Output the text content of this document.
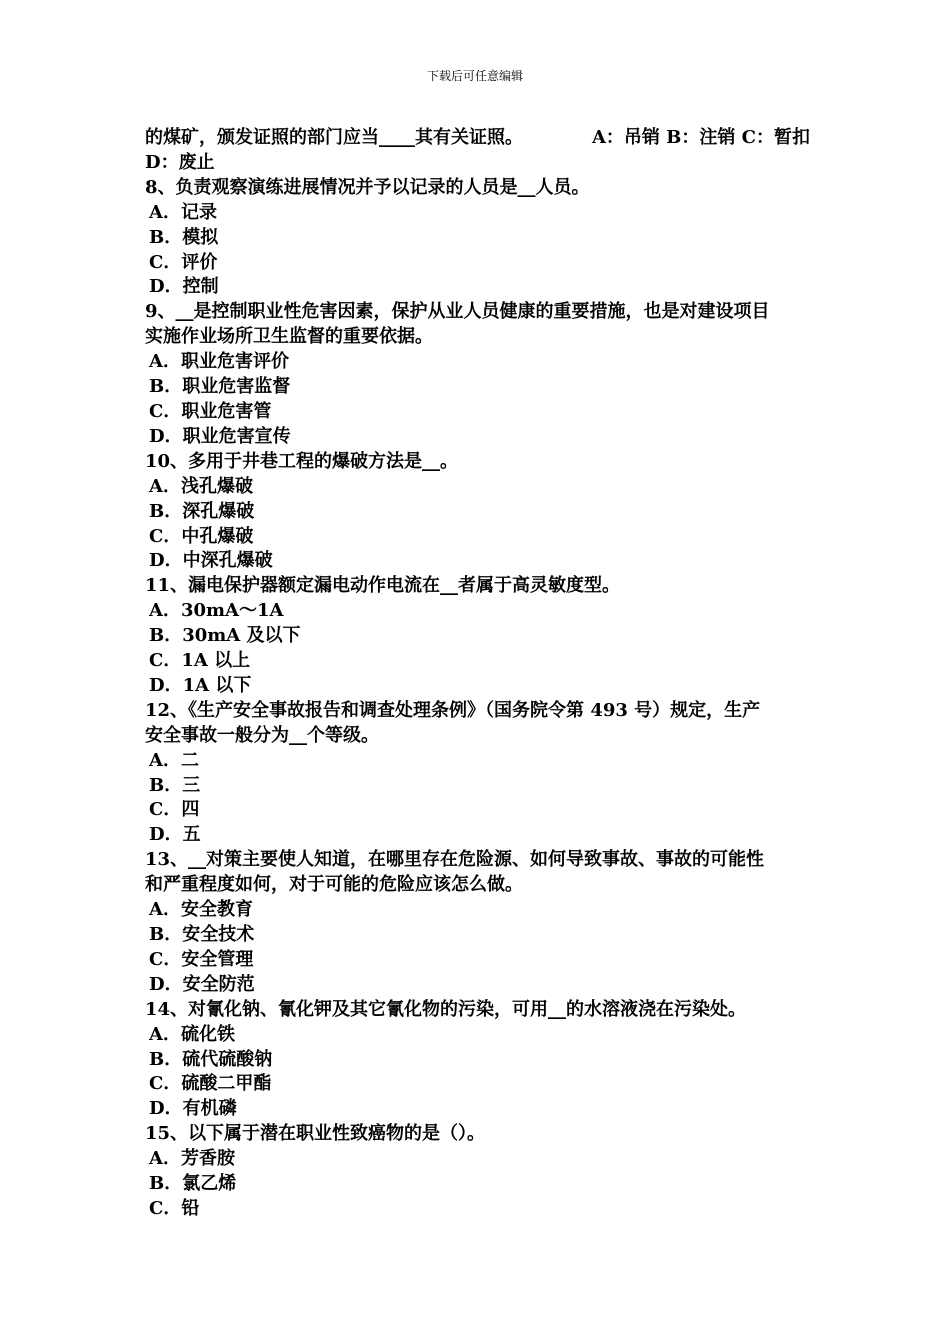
下载后可任意编辑
的煤矿，颁发证照的部门应当____其有关证照。	A：吊销 B：注销 C：暂扣
D：废止
8、负责观察演练进展情况并予以记录的人员是__人员。
A．记录
B．模拟
C．评价
D．控制
9、__是控制职业性危害因素，保护从业人员健康的重要措施，也是对建设项目
实施作业场所卫生监督的重要依据。
A．职业危害评价
B．职业危害监督
C．职业危害管
D．职业危害宣传
10、多用于井巷工程的爆破方法是__。
A．浅孔爆破
B．深孔爆破
C．中孔爆破
D．中深孔爆破
11、漏电保护器额定漏电动作电流在__者属于高灵敏度型。
A．30mA～1A
B．30mA 及以下
C．1A 以上
D．1A 以下
12、《生产安全事故报告和调查处理条例》（国务院令第 493 号）规定，生产
安全事故一般分为__个等级。
A．二
B．三
C．四
D．五
13、__对策主要使人知道，在哪里存在危险源、如何导致事故、事故的可能性
和严重程度如何，对于可能的危险应该怎么做。
A．安全教育
B．安全技术
C．安全管理
D．安全防范
14、对氰化钠、氰化钾及其它氰化物的污染，可用__的水溶液浇在污染处。
A．硫化铁
B．硫代硫酸钠
C．硫酸二甲酯
D．有机磷
15、以下属于潜在职业性致癌物的是（）。
A．芳香胺
B．氯乙烯
C．铅
